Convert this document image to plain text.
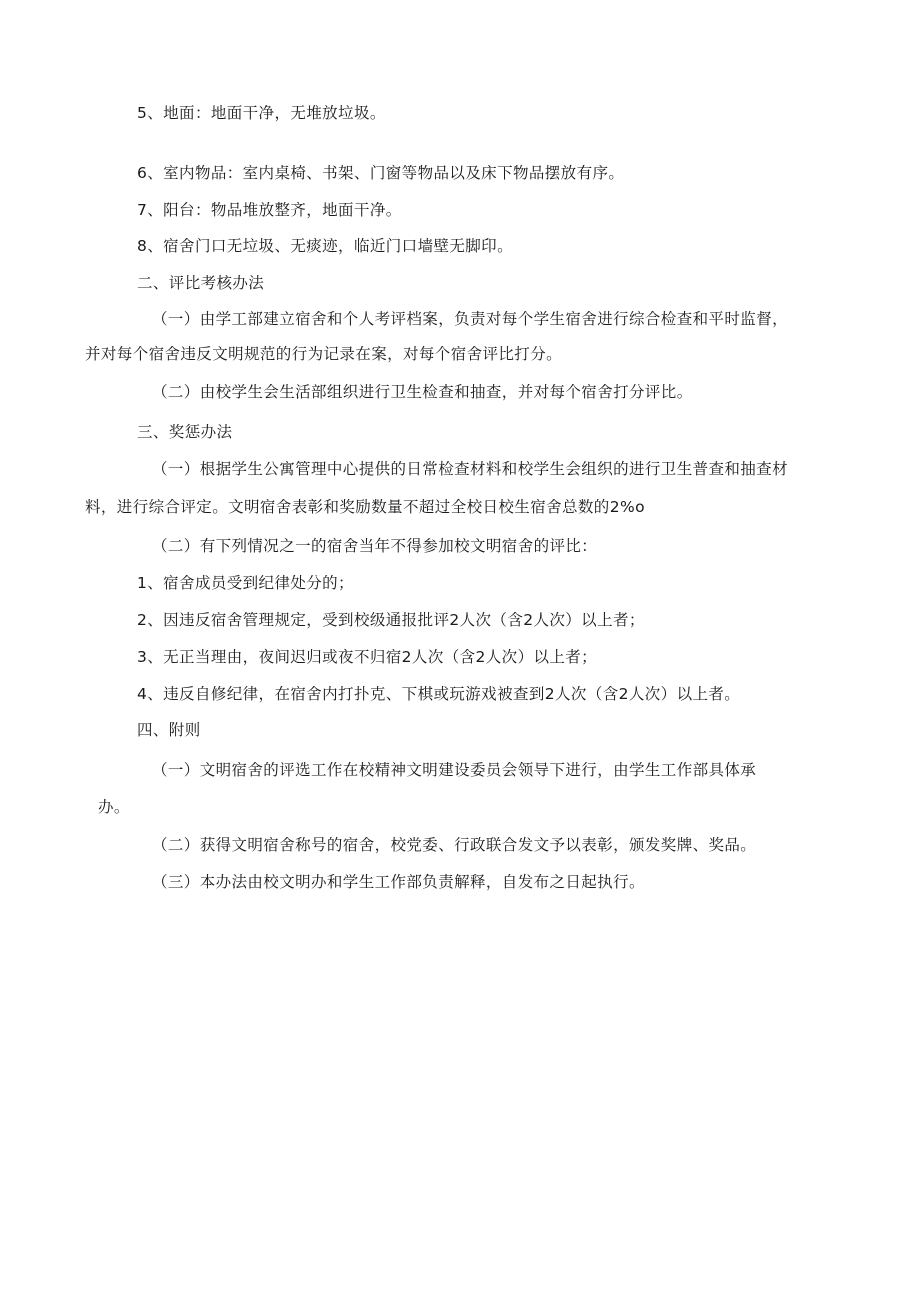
5、地面：地面干净，无堆放垃圾。
6、室内物品：室内桌椅、书架、门窗等物品以及床下物品摆放有序。
7、阳台：物品堆放整齐，地面干净。
8、宿舍门口无垃圾、无痰迹，临近门口墙壁无脚印。
二、评比考核办法
（一）由学工部建立宿舍和个人考评档案，负责对每个学生宿舍进行综合检查和平时监督，
并对每个宿舍违反文明规范的行为记录在案，对每个宿舍评比打分。
（二）由校学生会生活部组织进行卫生检查和抽查，并对每个宿舍打分评比。
三、奖惩办法
（一）根据学生公寓管理中心提供的日常检查材料和校学生会组织的进行卫生普查和抽查材
料，进行综合评定。文明宿舍表彰和奖励数量不超过全校日校生宿舍总数的2%o
（二）有下列情况之一的宿舍当年不得参加校文明宿舍的评比：
1、宿舍成员受到纪律处分的；
2、因违反宿舍管理规定，受到校级通报批评2人次（含2人次）以上者；
3、无正当理由，夜间迟归或夜不归宿2人次（含2人次）以上者；
4、违反自修纪律，在宿舍内打扑克、下棋或玩游戏被查到2人次（含2人次）以上者。
四、附则
（一）文明宿舍的评选工作在校精神文明建设委员会领导下进行，由学生工作部具体承
办。
（二）获得文明宿舍称号的宿舍，校党委、行政联合发文予以表彰，颁发奖牌、奖品。
（三）本办法由校文明办和学生工作部负责解释，自发布之日起执行。
